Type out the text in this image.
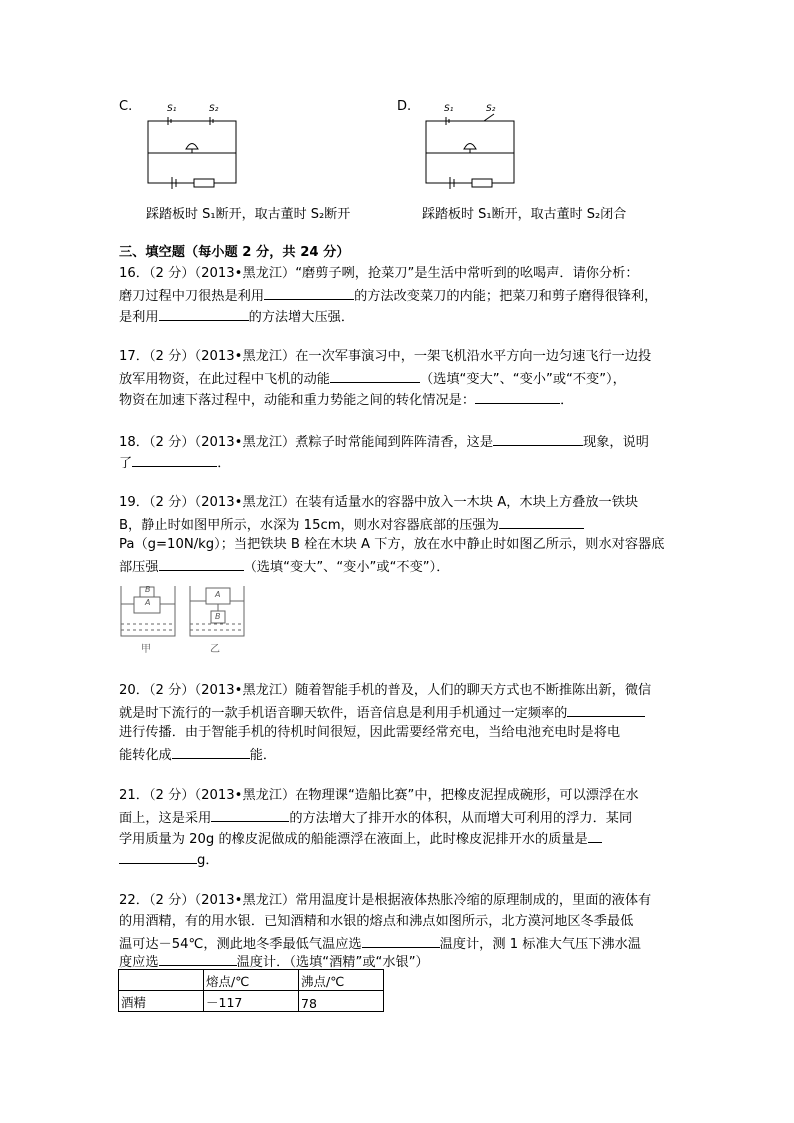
C.	S₁	S₂
踩踏板时 S₁断开，取古董时 S₂断开
D.	S₁	S₂
踩踏板时 S₁断开，取古董时 S₂闭合
三、填空题（每小题 2 分，共 24 分）
16．（2 分）（2013•黑龙江）“磨剪子咧，抢菜刀”是生活中常听到的吆喝声．请你分析：
磨刀过程中刀很热是利用	的方法改变菜刀的内能；把菜刀和剪子磨得很锋利，
是利用	的方法增大压强．
17．（2 分）（2013•黑龙江）在一次军事演习中，一架飞机沿水平方向一边匀速飞行一边投
放军用物资，在此过程中飞机的动能	（选填“变大”、“变小”或“不变”），
物资在加速下落过程中，动能和重力势能之间的转化情况是：	．
18．（2 分）（2013•黑龙江）煮粽子时常能闻到阵阵清香，这是	现象，说明
了	．
19．（2 分）（2013•黑龙江）在装有适量水的容器中放入一木块 A，木块上方叠放一铁块
B，静止时如图甲所示，水深为 15cm，则水对容器底部的压强为
Pa（g=10N/kg）；当把铁块 B 栓在木块 A 下方，放在水中静止时如图乙所示，则水对容器底
部压强	（选填“变大”、“变小”或“不变”）．
B
A
A
B
甲	乙
20．（2 分）（2013•黑龙江）随着智能手机的普及，人们的聊天方式也不断推陈出新，微信
就是时下流行的一款手机语音聊天软件，语音信息是利用手机通过一定频率的
进行传播．由于智能手机的待机时间很短，因此需要经常充电，当给电池充电时是将电
能转化成	能．
21．（2 分）（2013•黑龙江）在物理课“造船比赛”中，把橡皮泥捏成碗形，可以漂浮在水
面上，这是采用	的方法增大了排开水的体积，从而增大可利用的浮力．某同
学用质量为 20g 的橡皮泥做成的船能漂浮在液面上，此时橡皮泥排开水的质量是
g．
22．（2 分）（2013•黑龙江）常用温度计是根据液体热胀冷缩的原理制成的，里面的液体有
的用酒精，有的用水银．已知酒精和水银的熔点和沸点如图所示，北方漠河地区冬季最低
温可达－54℃，测此地冬季最低气温应选	温度计，测 1 标准大气压下沸水温
度应选	温度计．（选填“酒精”或“水银”）
	熔点/℃	沸点/℃
酒精	－117	78
